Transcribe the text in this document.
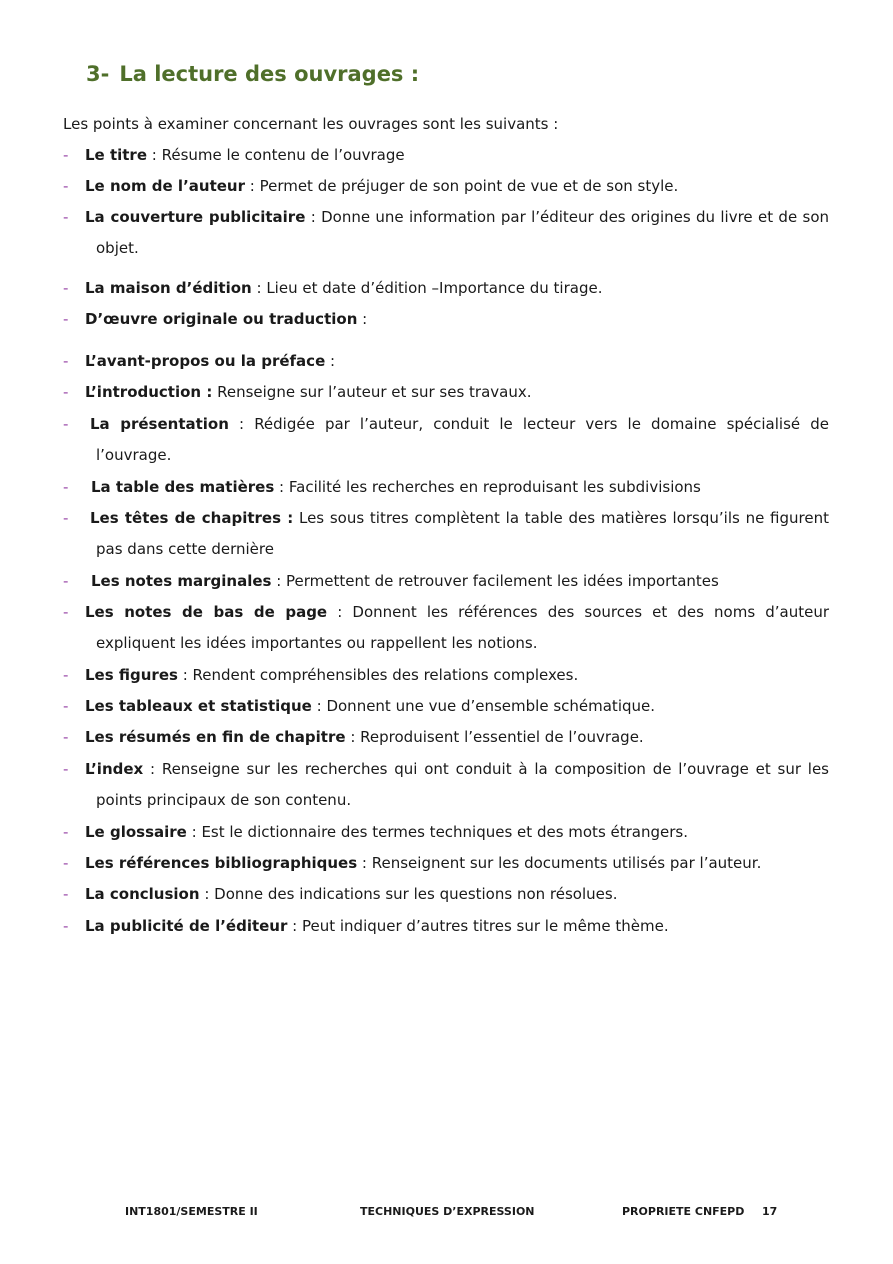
3- La lecture des ouvrages :

Les points à examiner concernant les ouvrages sont les suivants :

-	Le titre : Résume le contenu de l’ouvrage
-	Le nom de l’auteur : Permet de préjuger de son point de vue et de son style.
-	La couverture publicitaire : Donne une information par l’éditeur des origines du livre et de son objet.
-	La maison d’édition : Lieu et date d’édition –Importance du tirage.
-	D’œuvre originale ou traduction :
-	L’avant-propos ou la préface :
-	L’introduction : Renseigne sur l’auteur et sur ses travaux.
-	La présentation : Rédigée par l’auteur, conduit le lecteur vers le domaine spécialisé de l’ouvrage.
-	La table des matières : Facilité les recherches en reproduisant les subdivisions
-	Les têtes de chapitres : Les sous titres complètent la table des matières lorsqu’ils ne figurent pas dans cette dernière
-	Les notes marginales : Permettent de retrouver facilement les idées importantes
-	Les notes de bas de page : Donnent les références des sources et des noms d’auteur expliquent les idées importantes ou rappellent les notions.
-	Les figures : Rendent compréhensibles des relations complexes.
-	Les tableaux et statistique : Donnent une vue d’ensemble schématique.
-	Les résumés en fin de chapitre : Reproduisent l’essentiel de l’ouvrage.
-	L’index : Renseigne sur les recherches qui ont conduit à la composition de l’ouvrage et sur les points principaux de son contenu.
-	Le glossaire : Est le dictionnaire des termes techniques et des mots étrangers.
-	Les références bibliographiques : Renseignent sur les documents utilisés par l’auteur.
-	La conclusion : Donne des indications sur les questions non résolues.
-	La publicité de l’éditeur : Peut indiquer d’autres titres sur le même thème.
INT1801/SEMESTRE II	TECHNIQUES D’EXPRESSION	PROPRIETE CNFEPD 17
